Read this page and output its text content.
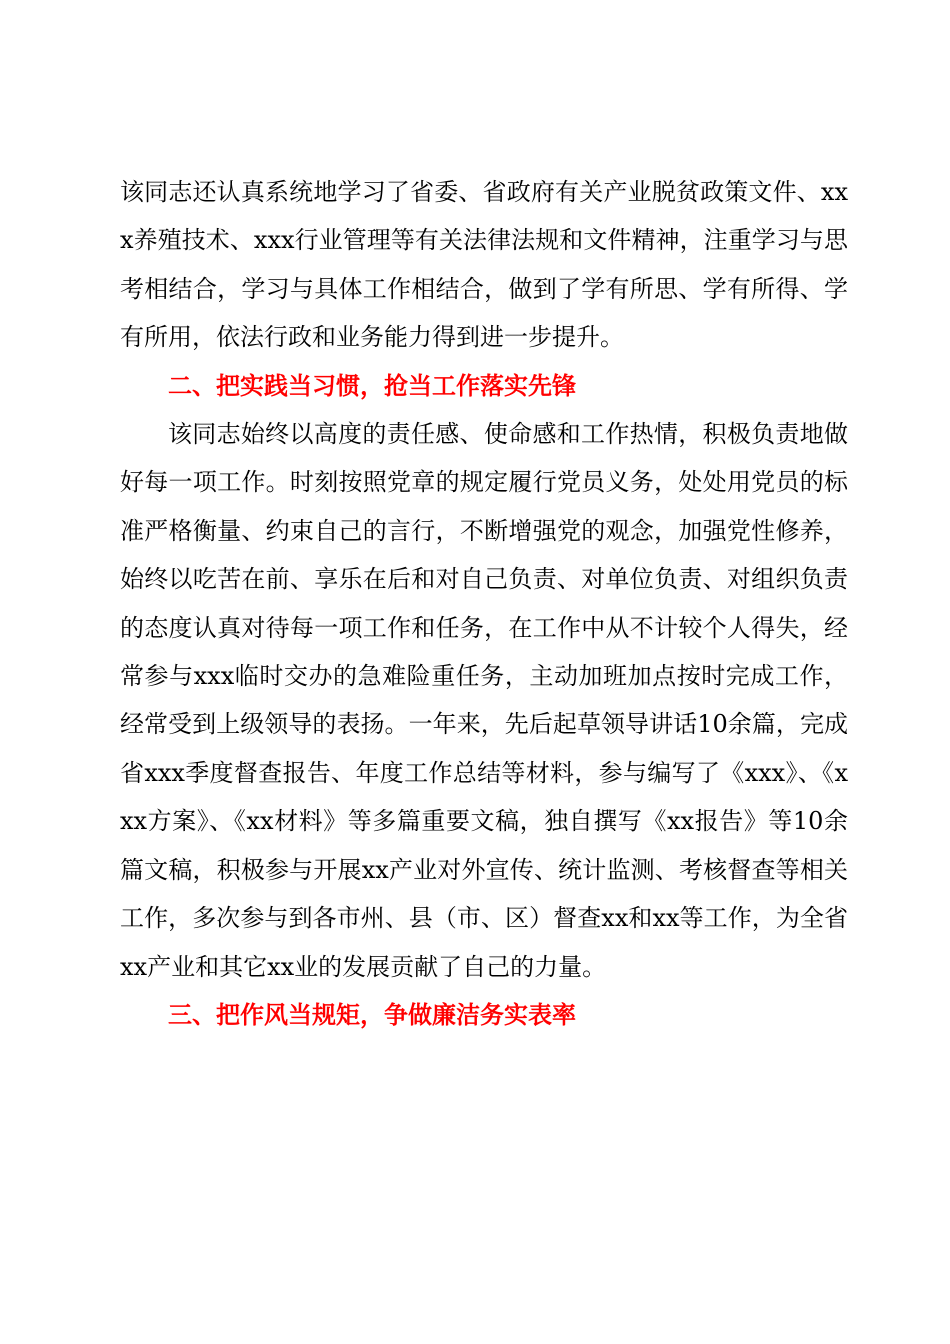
该同志还认真系统地学习了省委、省政府有关产业脱贫政策文件、xxx养殖技术、xxx行业管理等有关法律法规和文件精神，注重学习与思考相结合，学习与具体工作相结合，做到了学有所思、学有所得、学有所用，依法行政和业务能力得到进一步提升。

二、把实践当习惯，抢当工作落实先锋

该同志始终以高度的责任感、使命感和工作热情，积极负责地做好每一项工作。时刻按照党章的规定履行党员义务，处处用党员的标准严格衡量、约束自己的言行，不断增强党的观念，加强党性修养，始终以吃苦在前、享乐在后和对自己负责、对单位负责、对组织负责的态度认真对待每一项工作和任务，在工作中从不计较个人得失，经常参与xxx临时交办的急难险重任务，主动加班加点按时完成工作，经常受到上级领导的表扬。一年来，先后起草领导讲话10余篇，完成省xxx季度督查报告、年度工作总结等材料，参与编写了《xxx》、《xxx方案》、《xx材料》等多篇重要文稿，独自撰写《xx报告》等10余篇文稿，积极参与开展xx产业对外宣传、统计监测、考核督查等相关工作，多次参与到各市州、县（市、区）督查xx和xx等工作，为全省xx产业和其它xx业的发展贡献了自己的力量。

三、把作风当规矩，争做廉洁务实表率
